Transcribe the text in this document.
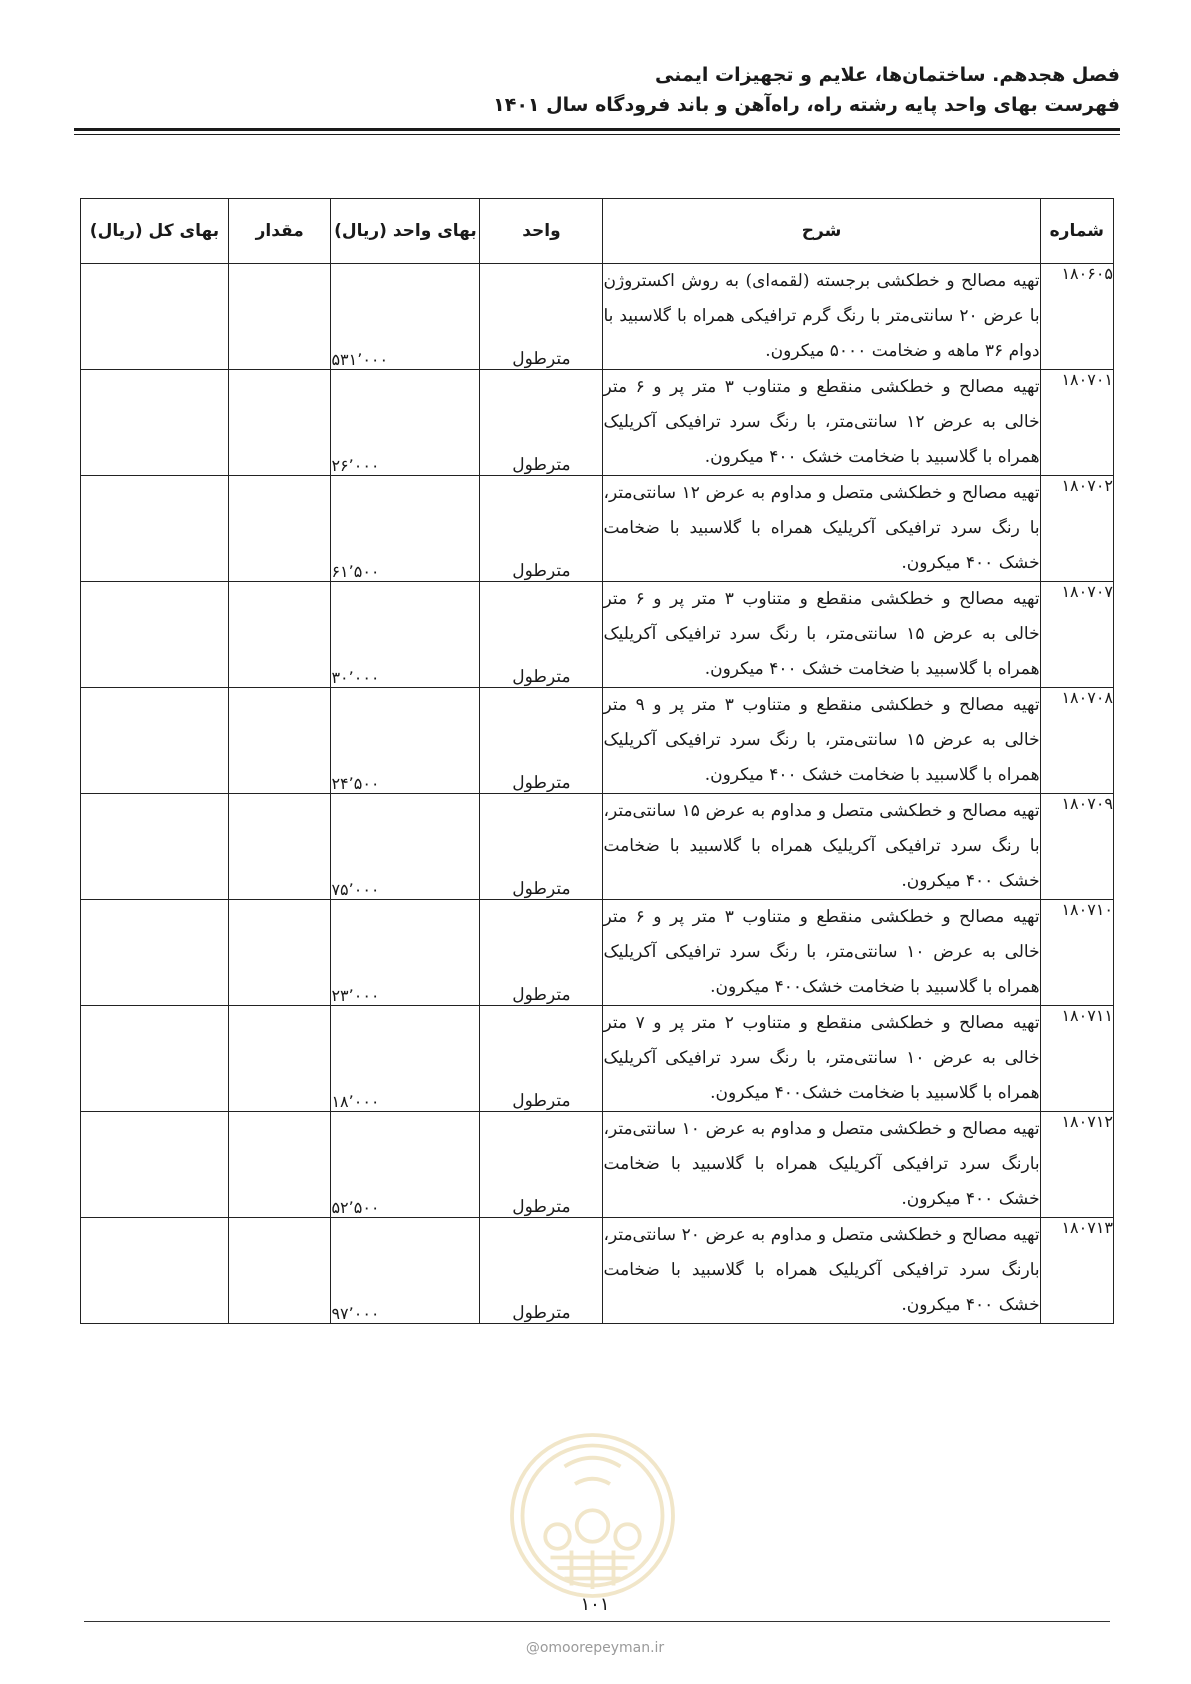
فصل هجدهم. ساختمان‌ها، علایم و تجهیزات ایمنی
فهرست بهای واحد پایه رشته راه، راه‌آهن و باند فرودگاه سال ۱۴۰۱
شماره	شرح	واحد	بهای واحد (ریال)	مقدار	بهای کل (ریال)
۱۸۰۶۰۵	تهیه مصالح و خطکشی برجسته (لقمه‌ای) به روش اکستروژن با عرض ۲۰ سانتی‌متر با رنگ گرم ترافیکی همراه با گلاسبید با دوام ۳۶ ماهه و ضخامت ۵۰۰۰ میکرون.	مترطول	۵۳۱٬۰۰۰		
۱۸۰۷۰۱	تهیه مصالح و خطکشی منقطع و متناوب ۳ متر پر و ۶ متر خالی به عرض ۱۲ سانتی‌متر، با رنگ سرد ترافیکی آکریلیک همراه با گلاسبید با ضخامت خشک ۴۰۰ میکرون.	مترطول	۲۶٬۰۰۰		
۱۸۰۷۰۲	تهیه مصالح و خطکشی متصل و مداوم به عرض ۱۲ سانتی‌متر، با رنگ سرد ترافیکی آکریلیک همراه با گلاسبید با ضخامت خشک ۴۰۰ میکرون.	مترطول	۶۱٬۵۰۰		
۱۸۰۷۰۷	تهیه مصالح و خطکشی منقطع و متناوب ۳ متر پر و ۶ متر خالی به عرض ۱۵ سانتی‌متر، با رنگ سرد ترافیکی آکریلیک همراه با گلاسبید با ضخامت خشک ۴۰۰ میکرون.	مترطول	۳۰٬۰۰۰		
۱۸۰۷۰۸	تهیه مصالح و خطکشی منقطع و متناوب ۳ متر پر و ۹ متر خالی به عرض ۱۵ سانتی‌متر، با رنگ سرد ترافیکی آکریلیک همراه با گلاسبید با ضخامت خشک ۴۰۰ میکرون.	مترطول	۲۴٬۵۰۰		
۱۸۰۷۰۹	تهیه مصالح و خطکشی متصل و مداوم به عرض ۱۵ سانتی‌متر، با رنگ سرد ترافیکی آکریلیک همراه با گلاسبید با ضخامت خشک ۴۰۰ میکرون.	مترطول	۷۵٬۰۰۰		
۱۸۰۷۱۰	تهیه مصالح و خطکشی منقطع و متناوب ۳ متر پر و ۶ متر خالی به عرض ۱۰ سانتی‌متر، با رنگ سرد ترافیکی آکریلیک همراه با گلاسبید با ضخامت خشک۴۰۰ میکرون.	مترطول	۲۳٬۰۰۰		
۱۸۰۷۱۱	تهیه مصالح و خطکشی منقطع و متناوب ۲ متر پر و ۷ متر خالی به عرض ۱۰ سانتی‌متر، با رنگ سرد ترافیکی آکریلیک همراه با گلاسبید با ضخامت خشک۴۰۰ میکرون.	مترطول	۱۸٬۰۰۰		
۱۸۰۷۱۲	تهیه مصالح و خطکشی متصل و مداوم به عرض ۱۰ سانتی‌متر، بارنگ سرد ترافیکی آکریلیک همراه با گلاسبید با ضخامت خشک ۴۰۰ میکرون.	مترطول	۵۲٬۵۰۰		
۱۸۰۷۱۳	تهیه مصالح و خطکشی متصل و مداوم به عرض ۲۰ سانتی‌متر، بارنگ سرد ترافیکی آکریلیک همراه با گلاسبید با ضخامت خشک ۴۰۰ میکرون.	مترطول	۹۷٬۰۰۰		
۱۰۱
@omoorepeyman.ir
